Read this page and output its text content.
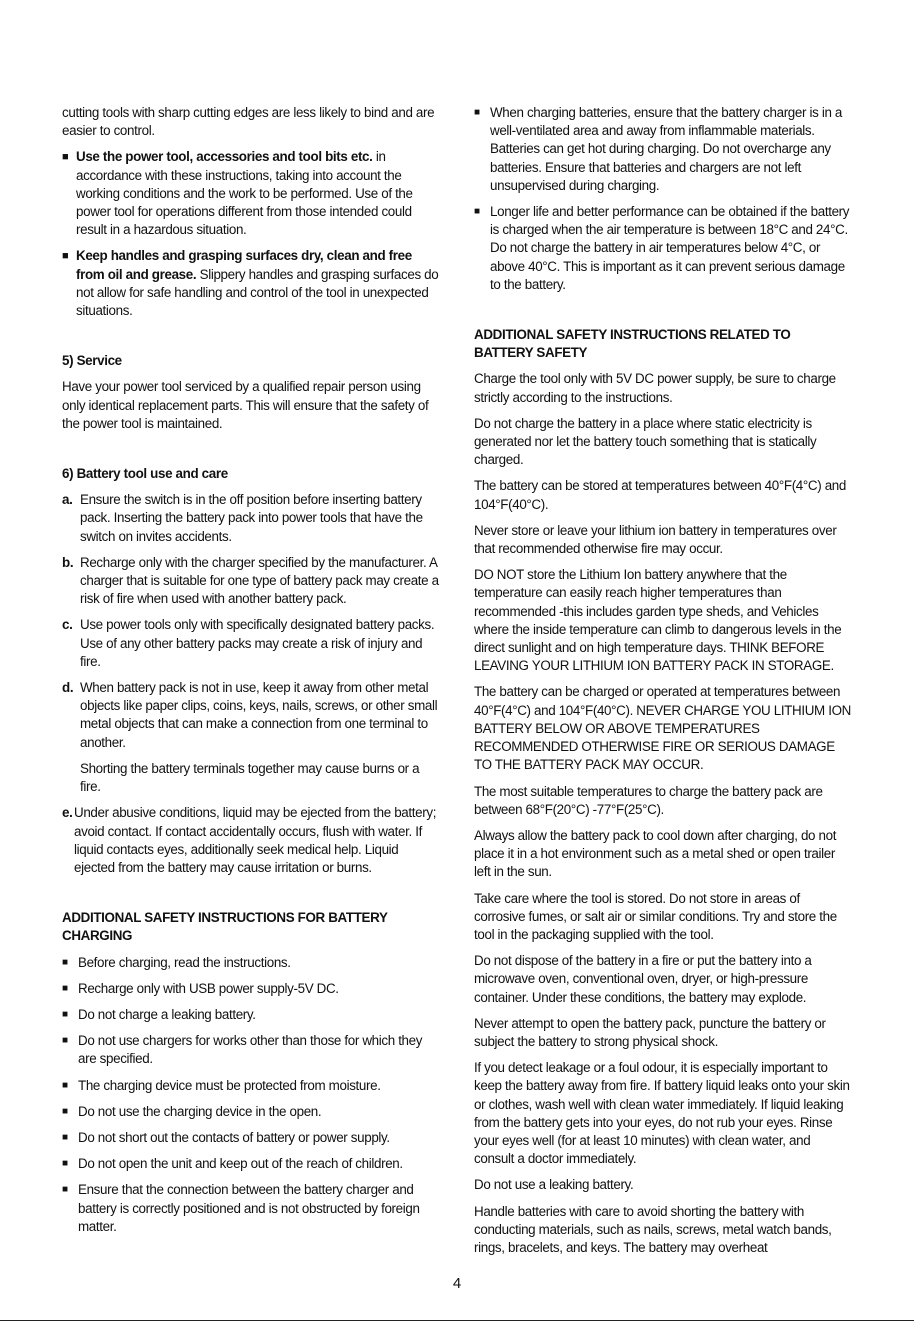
cutting tools with sharp cutting edges are less likely to bind and are easier to control.

■ Use the power tool, accessories and tool bits etc. in accordance with these instructions, taking into account the working conditions and the work to be performed. Use of the power tool for operations different from those intended could result in a hazardous situation.
■ Keep handles and grasping surfaces dry, clean and free from oil and grease. Slippery handles and grasping surfaces do not allow for safe handling and control of the tool in unexpected situations.
5) Service

Have your power tool serviced by a qualified repair person using only identical replacement parts. This will ensure that the safety of the power tool is maintained.

6) Battery tool use and care
a. Ensure the switch is in the off position before inserting battery pack. Inserting the battery pack into power tools that have the switch on invites accidents.
b. Recharge only with the charger specified by the manufacturer. A charger that is suitable for one type of battery pack may create a risk of fire when used with another battery pack.
c. Use power tools only with specifically designated battery packs. Use of any other battery packs may create a risk of injury and fire.
d. When battery pack is not in use, keep it away from other metal objects like paper clips, coins, keys, nails, screws, or other small metal objects that can make a connection from one terminal to another.

Shorting the battery terminals together may cause burns or a fire.

e. Under abusive conditions, liquid may be ejected from the battery; avoid contact. If contact accidentally occurs, flush with water. If liquid contacts eyes, additionally seek medical help. Liquid ejected from the battery may cause irritation or burns.
ADDITIONAL SAFETY INSTRUCTIONS FOR BATTERY CHARGING
■ Before charging, read the instructions.
■ Recharge only with USB power supply-5V DC.
■ Do not charge a leaking battery.
■ Do not use chargers for works other than those for which they are specified.
■ The charging device must be protected from moisture.
■ Do not use the charging device in the open.
■ Do not short out the contacts of battery or power supply.
■ Do not open the unit and keep out of the reach of children.
■ Ensure that the connection between the battery charger and battery is correctly positioned and is not obstructed by foreign matter.
■ When charging batteries, ensure that the battery charger is in a well-ventilated area and away from inflammable materials. Batteries can get hot during charging. Do not overcharge any batteries. Ensure that batteries and chargers are not left unsupervised during charging.
■ Longer life and better performance can be obtained if the battery is charged when the air temperature is between 18°C and 24°C. Do not charge the battery in air temperatures below 4°C, or above 40°C. This is important as it can prevent serious damage to the battery.
ADDITIONAL SAFETY INSTRUCTIONS RELATED TO BATTERY SAFETY

Charge the tool only with 5V DC power supply, be sure to charge strictly according to the instructions.

Do not charge the battery in a place where static electricity is generated nor let the battery touch something that is statically charged.

The battery can be stored at temperatures between 40°F(4°C) and 104°F(40°C).

Never store or leave your lithium ion battery in temperatures over that recommended otherwise fire may occur.

DO NOT store the Lithium Ion battery anywhere that the temperature can easily reach higher temperatures than recommended -this includes garden type sheds, and Vehicles where the inside temperature can climb to dangerous levels in the direct sunlight and on high temperature days. THINK BEFORE LEAVING YOUR LITHIUM ION BATTERY PACK IN STORAGE.

The battery can be charged or operated at temperatures between 40°F(4°C) and 104°F(40°C). NEVER CHARGE YOU LITHIUM ION BATTERY BELOW OR ABOVE TEMPERATURES RECOMMENDED OTHERWISE FIRE OR SERIOUS DAMAGE TO THE BATTERY PACK MAY OCCUR.

The most suitable temperatures to charge the battery pack are between 68°F(20°C) -77°F(25°C).

Always allow the battery pack to cool down after charging, do not place it in a hot environment such as a metal shed or open trailer left in the sun.

Take care where the tool is stored. Do not store in areas of corrosive fumes, or salt air or similar conditions. Try and store the tool in the packaging supplied with the tool.

Do not dispose of the battery in a fire or put the battery into a microwave oven, conventional oven, dryer, or high-pressure container. Under these conditions, the battery may explode.

Never attempt to open the battery pack, puncture the battery or subject the battery to strong physical shock.

If you detect leakage or a foul odour, it is especially important to keep the battery away from fire. If battery liquid leaks onto your skin or clothes, wash well with clean water immediately. If liquid leaking from the battery gets into your eyes, do not rub your eyes. Rinse your eyes well (for at least 10 minutes) with clean water, and consult a doctor immediately.

Do not use a leaking battery.

Handle batteries with care to avoid shorting the battery with conducting materials, such as nails, screws, metal watch bands, rings, bracelets, and keys. The battery may overheat

4
